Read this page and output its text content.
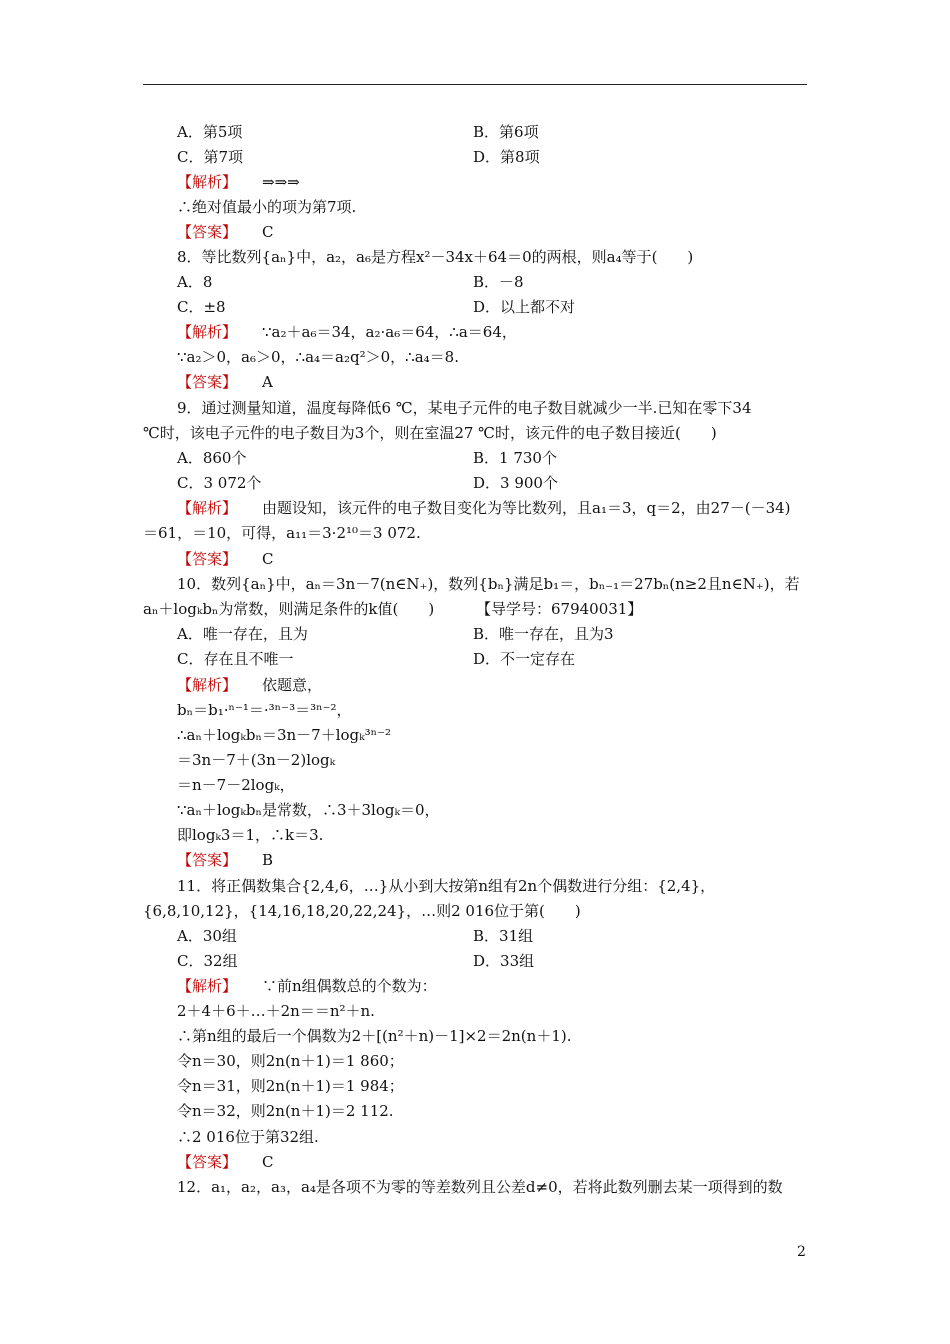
A．第5项	B．第6项
C．第7项	D．第8项
【解析】 ⇒⇒⇒
∴绝对值最小的项为第7项.
【答案】 C
8．等比数列{aₙ}中，a₂，a₆是方程x²－34x＋64＝0的两根，则a₄等于(　　)
A．8	B．－8
C．±8	D．以上都不对
【解析】 ∵a₂＋a₆＝34，a₂·a₆＝64，∴a＝64，
∵a₂＞0，a₆＞0，∴a₄＝a₂q²＞0，∴a₄＝8.
【答案】 A
9．通过测量知道，温度每降低6 ℃，某电子元件的电子数目就减少一半.已知在零下34
℃时，该电子元件的电子数目为3个，则在室温27 ℃时，该元件的电子数目接近(　　)
A．860个	B．1 730个
C．3 072个	D．3 900个
【解析】 由题设知，该元件的电子数目变化为等比数列，且a₁＝3，q＝2，由27－(－34)
＝61，＝10，可得，a₁₁＝3·2¹⁰＝3 072.
【答案】 C
10．数列{aₙ}中，aₙ＝3n－7(n∈N₊)，数列{bₙ}满足b₁＝，bₙ₋₁＝27bₙ(n≥2且n∈N₊)，若
aₙ＋logₖbₙ为常数，则满足条件的k值(　　)	【导学号：67940031】
A．唯一存在，且为	B．唯一存在，且为3
C．存在且不唯一	D．不一定存在
【解析】 依题意，
bₙ＝b₁·ⁿ⁻¹＝·³ⁿ⁻³＝³ⁿ⁻²，
∴aₙ＋logₖbₙ＝3n－7＋logₖ³ⁿ⁻²
＝3n－7＋(3n－2)logₖ
＝n－7－2logₖ，
∵aₙ＋logₖbₙ是常数，∴3＋3logₖ＝0，
即logₖ3＝1，∴k＝3.
【答案】 B
11．将正偶数集合{2,4,6，…}从小到大按第n组有2n个偶数进行分组：{2,4}，
{6,8,10,12}，{14,16,18,20,22,24}，…则2 016位于第(　　)
A．30组	B．31组
C．32组	D．33组
【解析】 ∵前n组偶数总的个数为：
2＋4＋6＋…＋2n＝＝n²＋n.
∴第n组的最后一个偶数为2＋[(n²＋n)－1]×2＝2n(n＋1).
令n＝30，则2n(n＋1)＝1 860；
令n＝31，则2n(n＋1)＝1 984；
令n＝32，则2n(n＋1)＝2 112.
∴2 016位于第32组.
【答案】 C
12．a₁，a₂，a₃，a₄是各项不为零的等差数列且公差d≠0，若将此数列删去某一项得到的数
2
